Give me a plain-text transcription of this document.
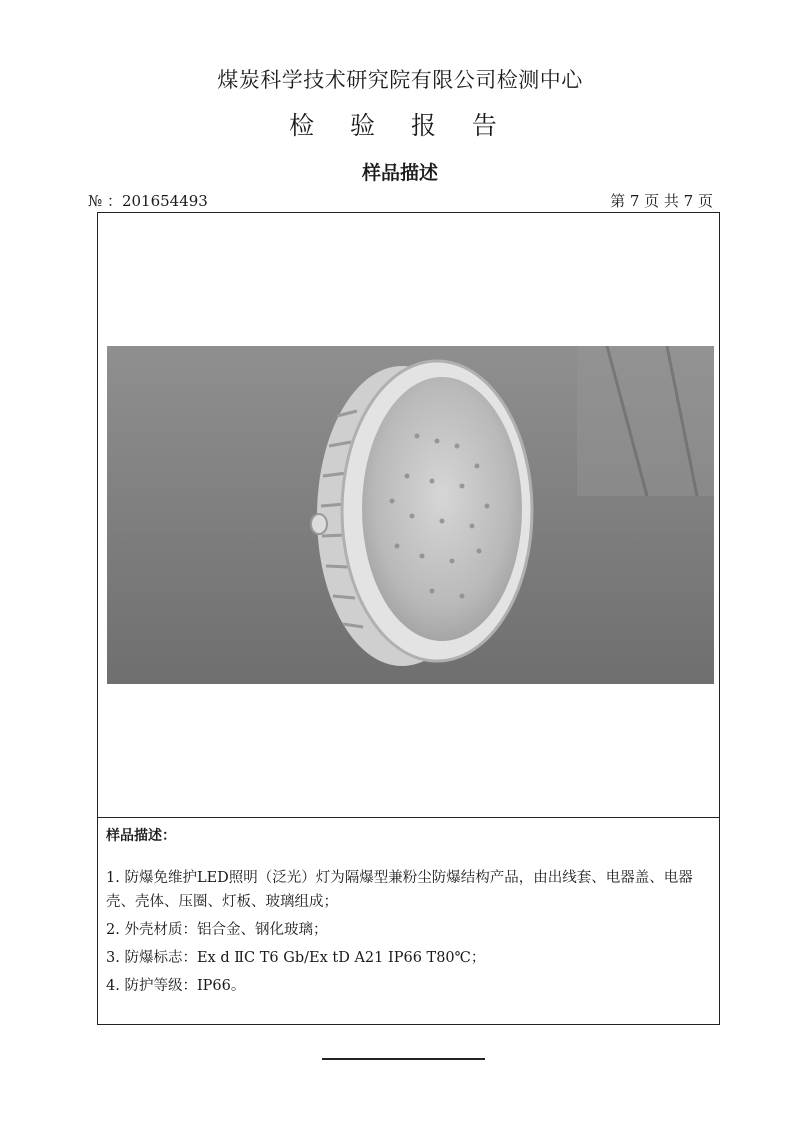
煤炭科学技术研究院有限公司检测中心
检 验 报 告
样品描述
№ ：201654493	第 7 页 共 7 页
样品描述：
1. 防爆免维护LED照明（泛光）灯为隔爆型兼粉尘防爆结构产品，由出线套、电器盖、电器壳、壳体、压圈、灯板、玻璃组成；
2. 外壳材质：铝合金、钢化玻璃；
3. 防爆标志：Ex d ⅡC T6 Gb/Ex tD A21 IP66 T80℃；
4. 防护等级：IP66。
